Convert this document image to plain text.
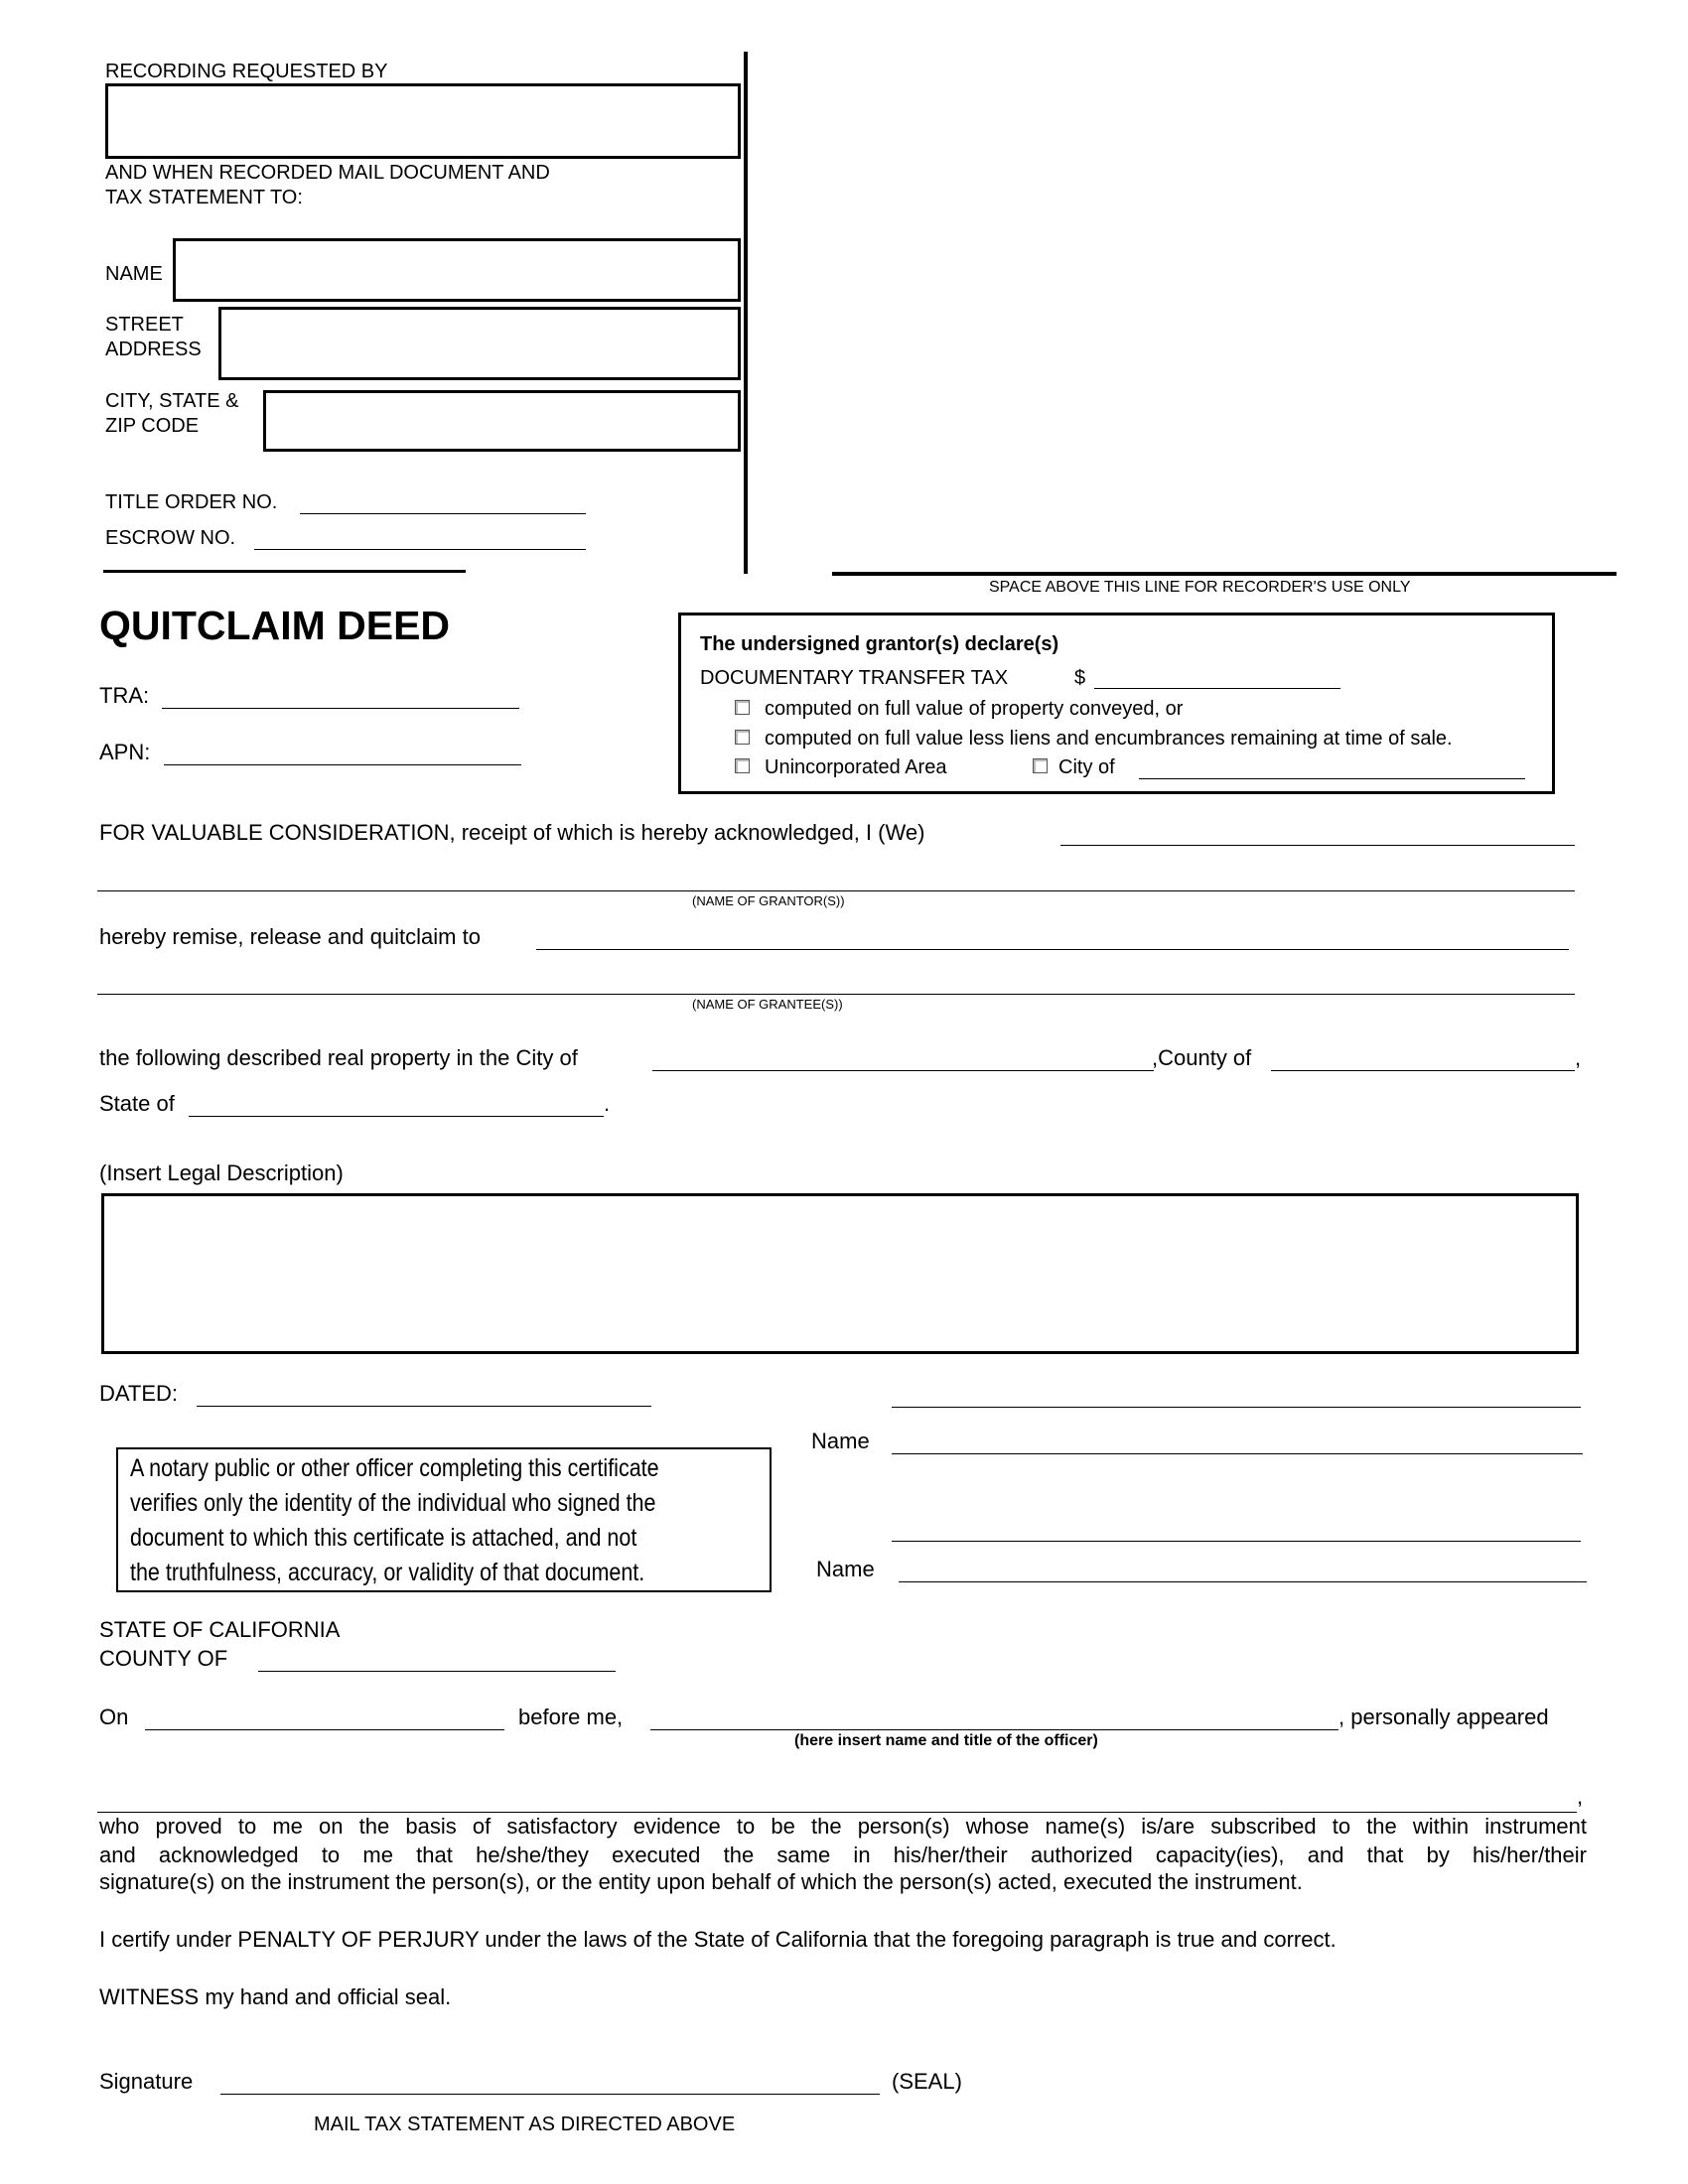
RECORDING REQUESTED BY
AND WHEN RECORDED MAIL DOCUMENT AND
TAX STATEMENT TO:
NAME
STREET
ADDRESS
CITY, STATE &
ZIP CODE
TITLE ORDER NO.
ESCROW NO.
SPACE ABOVE THIS LINE FOR RECORDER'S USE ONLY
QUITCLAIM DEED
TRA:
APN:
The undersigned grantor(s) declare(s)
DOCUMENTARY TRANSFER TAX	$
computed on full value of property conveyed, or
computed on full value less liens and encumbrances remaining at time of sale.
Unincorporated Area	City of
FOR VALUABLE CONSIDERATION, receipt of which is hereby acknowledged, I (We)
(NAME OF GRANTOR(S))
hereby remise, release and quitclaim to
(NAME OF GRANTEE(S))
the following described real property in the City of	,County of	,
State of	.
(Insert Legal Description)
DATED:
Name
Name
A notary public or other officer completing this certificate
verifies only the identity of the individual who signed the
document to which this certificate is attached, and not
the truthfulness, accuracy, or validity of that document.
STATE OF CALIFORNIA
COUNTY OF
On	before me,	, personally appeared
(here insert name and title of the officer)
,
who proved to me on the basis of satisfactory evidence to be the person(s) whose name(s) is/are subscribed to the within instrument
and acknowledged to me that he/she/they executed the same in his/her/their authorized capacity(ies), and that by his/her/their
signature(s) on the instrument the person(s), or the entity upon behalf of which the person(s) acted, executed the instrument.
I certify under PENALTY OF PERJURY under the laws of the State of California that the foregoing paragraph is true and correct.
WITNESS my hand and official seal.
Signature	(SEAL)
MAIL TAX STATEMENT AS DIRECTED ABOVE
